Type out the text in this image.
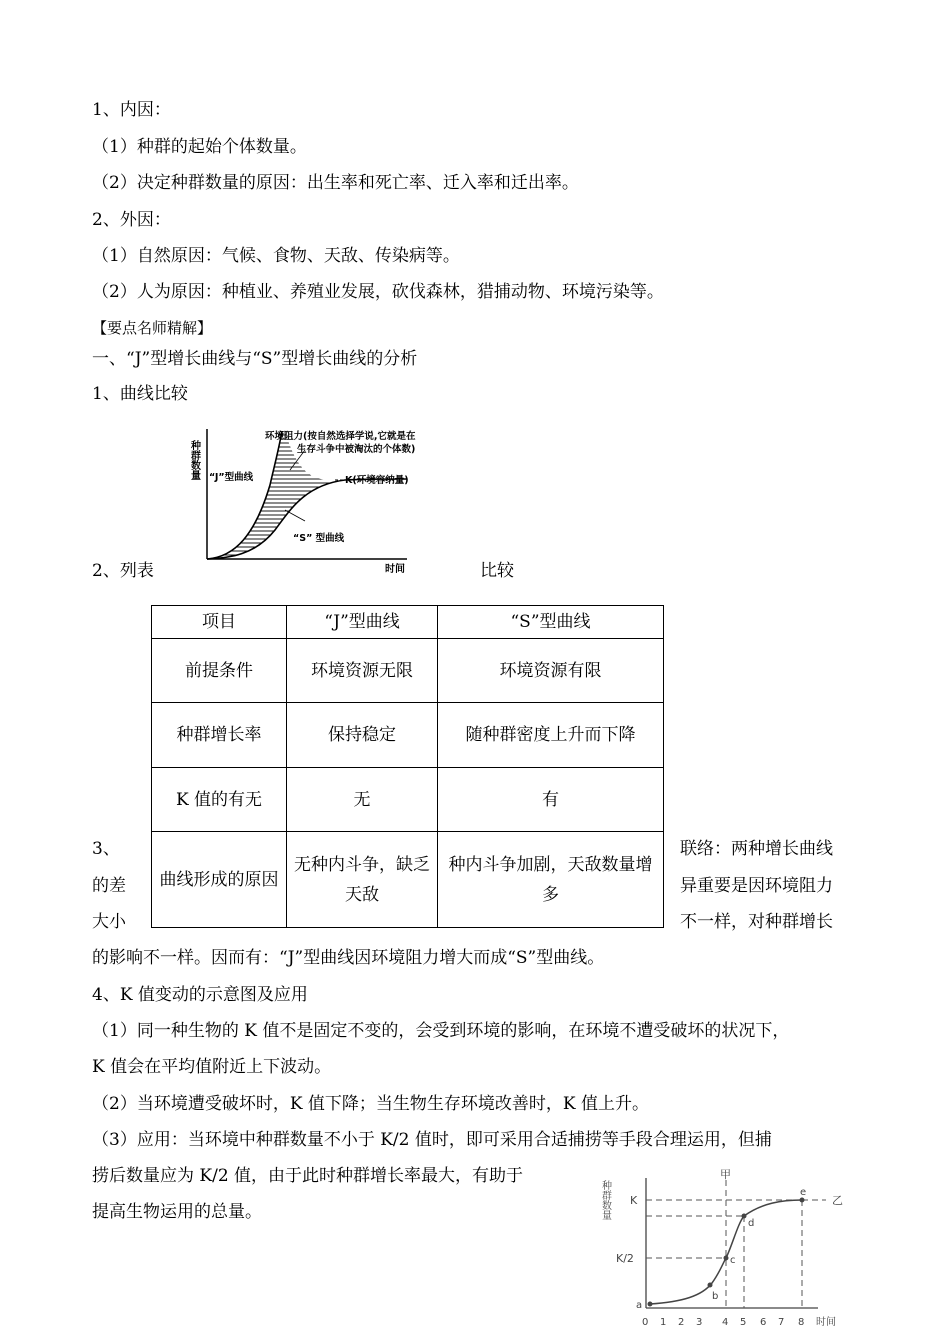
1、内因：
（1）种群的起始个体数量。
（2）决定种群数量的原因：出生率和死亡率、迁入率和迁出率。
2、外因：
（1）自然原因：气候、食物、天敌、传染病等。
（2）人为原因：种植业、养殖业发展，砍伐森林，猎捕动物、环境污染等。
【要点名师精解】
一、“J”型增长曲线与“S”型增长曲线的分析
1、曲线比较
种群数量
时间
环境阻力(按自然选择学说,它就是在
生存斗争中被淘汰的个体数)
K(环境容纳量)
“J”型曲线
“S” 型曲线
2、列表	比较
项目	“J”型曲线	“S”型曲线
前提条件	环境资源无限	环境资源有限
种群增长率	保持稳定	随种群密度上升而下降
K 值的有无	无	有
曲线形成的原因	无种内斗争，缺乏天敌	种内斗争加剧，天敌数量增多
3、	联络：两种增长曲线
的差	异重要是因环境阻力
大小	不一样，对种群增长
的影响不一样。因而有：“J”型曲线因环境阻力增大而成“S”型曲线。
4、K 值变动的示意图及应用
（1）同一种生物的 K 值不是固定不变的，会受到环境的影响，在环境不遭受破坏的状况下，
K 值会在平均值附近上下波动。
（2）当环境遭受破坏时，K 值下降；当生物生存环境改善时，K 值上升。
（3）应用：当环境中种群数量不小于 K/2 值时，即可采用合适捕捞等手段合理运用，但捕
捞后数量应为 K/2 值，由于此时种群增长率最大，有助于
提高生物运用的总量。	种群数量 K
K/2
甲
乙
a
b
c
d
e
0 1 2 3 4 5 6 7 8 时间
